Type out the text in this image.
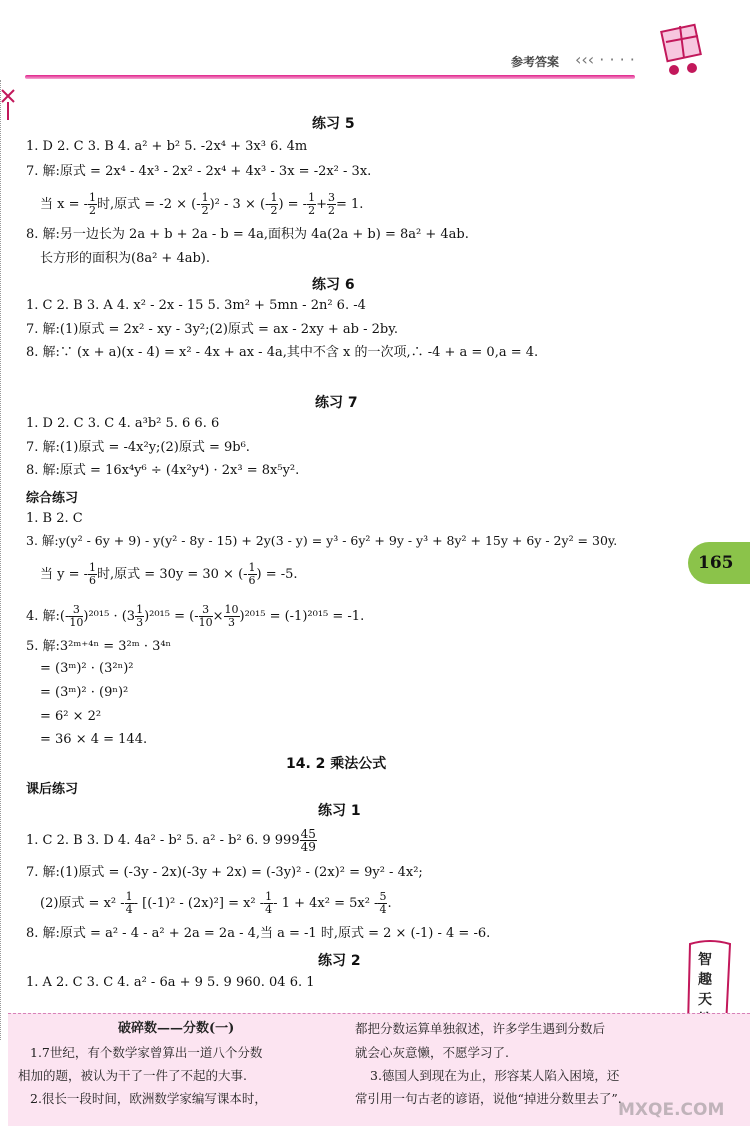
参考答案 ‹‹‹ · · · ·
练习 5
1. D 2. C 3. B 4. a² + b² 5. -2x⁴ + 3x³ 6. 4m
7. 解:原式 = 2x⁴ - 4x³ - 2x² - 2x⁴ + 4x³ - 3x = -2x² - 3x.
当 x = - $\frac{1}{2}$ 时,原式 = -2 × (- $\frac{1}{2} )^2 - 3$ × (- $\frac{1}{2}$ ) = - $\frac{1}{2} + \frac{3}{2} = 1$.
8. 解:另一边长为 2a + b + 2a - b = 4a,面积为 4a(2a + b) = 8a² + 4ab.
长方形的面积为(8a² + 4ab).
练习 6
1. C 2. B 3. A 4. x² - 2x - 15 5. 3m² + 5mn - 2n² 6. -4
7. 解:(1)原式 = 2x² - xy - 3y²;(2)原式 = ax - 2xy + ab - 2by.
8. 解:∵ (x + a)(x - 4) = x² - 4x + ax - 4a,其中不含 x 的一次项,∴ -4 + a = 0,a = 4.
练习 7
1. D 2. C 3. C 4. a³b² 5. 6 6. 6
7. 解:(1)原式 = -4x²y;(2)原式 = 9b⁶.
8. 解:原式 = 16x⁴y⁶ ÷ (4x²y⁴) · 2x³ = 8x⁵y².
综合练习
1. B 2. C
3. 解:y(y² - 6y + 9) - y(y² - 8y - 15) + 2y(3 - y) = y³ - 6y² + 9y - y³ + 8y² + 15y + 6y - 2y² = 30y.
当 y = - $\frac{1}{6}$ 时,原式 = 30y = 30 × (- $\frac{1}{6}$ ) = -5.
4. 解:(- $\frac{3}{10} )^{2015} \cdot (3 \frac{1}{3} )^{2015}$ = (- $\frac{3}{10} \times \frac{10}{3} )^{2015} = (-1)^{2015} = -1$.
5. 解:3²ᵐ⁺⁴ⁿ = 3²ᵐ · 3⁴ⁿ
= (3ᵐ)² · (3²ⁿ)²
= (3ᵐ)² · (9ⁿ)²
= 6² × 2²
= 36 × 4 = 144.
14. 2 乘法公式
课后练习
练习 1
1. C 2. B 3. D 4. 4a² - b² 5. a² - b² 6. 9 $999 \frac{45}{49}$
7. 解:(1)原式 = (-3y - 2x)(-3y + 2x) = (-3y)² - (2x)² = 9y² - 4x²;
(2)原式 = $x^2 - \frac{1}{4} - [(-1)^2 - (2x)^2] = x^2 - \frac{1}{4} - 1 + 4x^2 = 5x^2 - \frac{5}{4}$ .
8. 解:原式 = a² - 4 - a² + 2a = 2a - 4,当 a = -1 时,原式 = 2 × (-1) - 4 = -6.
练习 2
1. A 2. C 3. C 4. a² - 6a + 9 5. 9 960. 04 6. 1
165
智趣天
破碎数——分数(一)
1.7世纪，有个数学家曾算出一道八个分数
相加的题，被认为干了一件了不起的大事.
2.很长一段时间，欧洲数学家编写课本时，
都把分数运算单独叙述，许多学生遇到分数后
就会心灰意懒，不愿学习了.
3.德国人到现在为止，形容某人陷入困境，还
常引用一句古老的谚语，说他“掉进分数里去了”.
MXQE.COM
